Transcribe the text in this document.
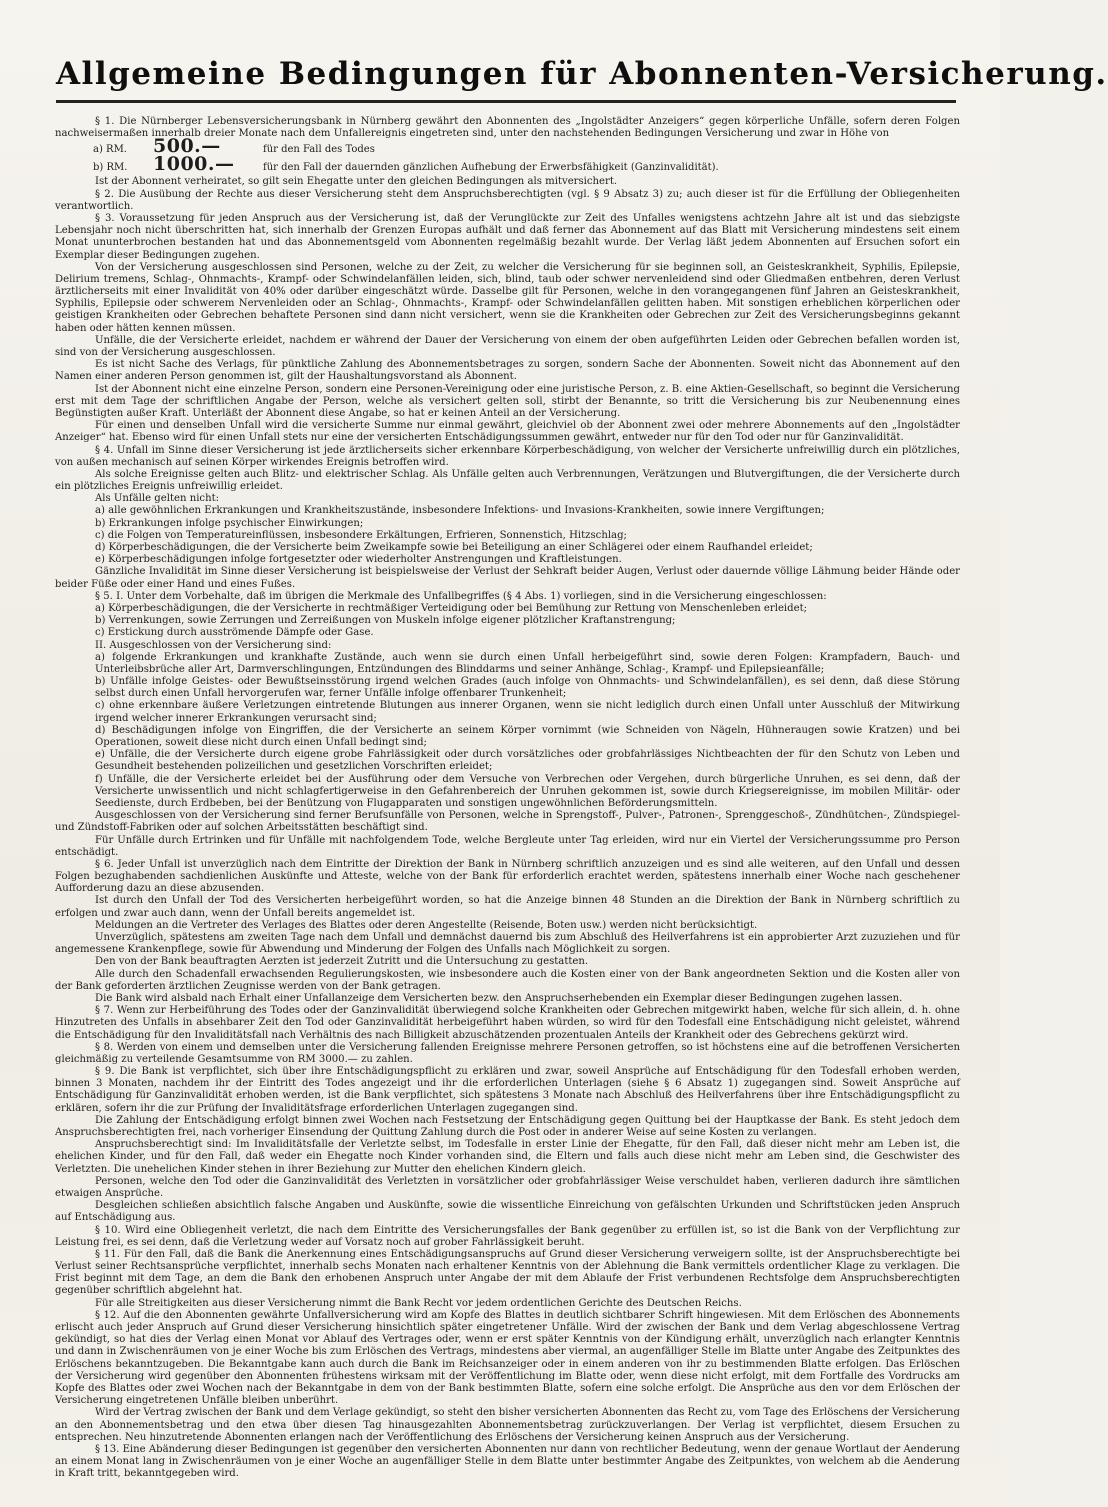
Allgemeine Bedingungen für Abonnenten-Versicherung.

§ 1. Die Nürnberger Lebensversicherungsbank in Nürnberg gewährt den Abonnenten des „Ingolstädter Anzeigers“ gegen körperliche Unfälle, sofern deren Folgen nachweisermaßen innerhalb dreier Monate nach dem Unfallereignis eingetreten sind, unter den nachstehenden Bedingungen Versicherung und zwar in Höhe von

a) RM.	500.—	für den Fall des Todes
b) RM.	1000.—	für den Fall der dauernden gänzlichen Aufhebung der Erwerbsfähigkeit (Ganzinvalidität).

Ist der Abonnent verheiratet, so gilt sein Ehegatte unter den gleichen Bedingungen als mitversichert.

§ 2. Die Ausübung der Rechte aus dieser Versicherung steht dem Anspruchsberechtigten (vgl. § 9 Absatz 3) zu; auch dieser ist für die Erfüllung der Obliegenheiten verantwortlich.

§ 3. Voraussetzung für jeden Anspruch aus der Versicherung ist, daß der Verunglückte zur Zeit des Unfalles wenigstens achtzehn Jahre alt ist und das siebzigste Lebensjahr noch nicht überschritten hat, sich innerhalb der Grenzen Europas aufhält und daß ferner das Abonnement auf das Blatt mit Versicherung mindestens seit einem Monat ununterbrochen bestanden hat und das Abonnementsgeld vom Abonnenten regelmäßig bezahlt wurde. Der Verlag läßt jedem Abonnenten auf Ersuchen sofort ein Exemplar dieser Bedingungen zugehen.

Von der Versicherung ausgeschlossen sind Personen, welche zu der Zeit, zu welcher die Versicherung für sie beginnen soll, an Geisteskrankheit, Syphilis, Epilepsie, Delirium tremens, Schlag-, Ohnmachts-, Krampf- oder Schwindelanfällen leiden, sich, blind, taub oder schwer nervenleidend sind oder Gliedmaßen entbehren, deren Verlust ärztlicherseits mit einer Invalidität von 40% oder darüber eingeschätzt würde. Dasselbe gilt für Personen, welche in den vorangegangenen fünf Jahren an Geisteskrankheit, Syphilis, Epilepsie oder schwerem Nervenleiden oder an Schlag-, Ohnmachts-, Krampf- oder Schwindelanfällen gelitten haben. Mit sonstigen erheblichen körperlichen oder geistigen Krankheiten oder Gebrechen behaftete Personen sind dann nicht versichert, wenn sie die Krankheiten oder Gebrechen zur Zeit des Versicherungsbeginns gekannt haben oder hätten kennen müssen.

Unfälle, die der Versicherte erleidet, nachdem er während der Dauer der Versicherung von einem der oben aufgeführten Leiden oder Gebrechen befallen worden ist, sind von der Versicherung ausgeschlossen.

Es ist nicht Sache des Verlags, für pünktliche Zahlung des Abonnementsbetrages zu sorgen, sondern Sache der Abonnenten. Soweit nicht das Abonnement auf den Namen einer anderen Person genommen ist, gilt der Haushaltungsvorstand als Abonnent.

Ist der Abonnent nicht eine einzelne Person, sondern eine Personen-Vereinigung oder eine juristische Person, z. B. eine Aktien-Gesellschaft, so beginnt die Versicherung erst mit dem Tage der schriftlichen Angabe der Person, welche als versichert gelten soll, stirbt der Benannte, so tritt die Versicherung bis zur Neubenennung eines Begünstigten außer Kraft. Unterläßt der Abonnent diese Angabe, so hat er keinen Anteil an der Versicherung.

Für einen und denselben Unfall wird die versicherte Summe nur einmal gewährt, gleichviel ob der Abonnent zwei oder mehrere Abonnements auf den „Ingolstädter Anzeiger“ hat. Ebenso wird für einen Unfall stets nur eine der versicherten Entschädigungssummen gewährt, entweder nur für den Tod oder nur für Ganzinvalidität.

§ 4. Unfall im Sinne dieser Versicherung ist jede ärztlicherseits sicher erkennbare Körperbeschädigung, von welcher der Versicherte unfreiwillig durch ein plötzliches, von außen mechanisch auf seinen Körper wirkendes Ereignis betroffen wird.

Als solche Ereignisse gelten auch Blitz- und elektrischer Schlag. Als Unfälle gelten auch Verbrennungen, Verätzungen und Blutvergiftungen, die der Versicherte durch ein plötzliches Ereignis unfreiwillig erleidet.

Als Unfälle gelten nicht:

a) alle gewöhnlichen Erkrankungen und Krankheitszustände, insbesondere Infektions- und Invasions-Krankheiten, sowie innere Vergiftungen;
b) Erkrankungen infolge psychischer Einwirkungen;
c) die Folgen von Temperatureinflüssen, insbesondere Erkältungen, Erfrieren, Sonnenstich, Hitzschlag;
d) Körperbeschädigungen, die der Versicherte beim Zweikampfe sowie bei Beteiligung an einer Schlägerei oder einem Raufhandel erleidet;
e) Körperbeschädigungen infolge fortgesetzter oder wiederholter Anstrengungen und Kraftleistungen.

Gänzliche Invalidität im Sinne dieser Versicherung ist beispielsweise der Verlust der Sehkraft beider Augen, Verlust oder dauernde völlige Lähmung beider Hände oder beider Füße oder einer Hand und eines Fußes.

§ 5. I. Unter dem Vorbehalte, daß im übrigen die Merkmale des Unfallbegriffes (§ 4 Abs. 1) vorliegen, sind in die Versicherung eingeschlossen:

a) Körperbeschädigungen, die der Versicherte in rechtmäßiger Verteidigung oder bei Bemühung zur Rettung von Menschenleben erleidet;
b) Verrenkungen, sowie Zerrungen und Zerreißungen von Muskeln infolge eigener plötzlicher Kraftanstrengung;
c) Erstickung durch ausströmende Dämpfe oder Gase.

II. Ausgeschlossen von der Versicherung sind:

a) folgende Erkrankungen und krankhafte Zustände, auch wenn sie durch einen Unfall herbeigeführt sind, sowie deren Folgen: Krampfadern, Bauch- und Unterleibsbrüche aller Art, Darmverschlingungen, Entzündungen des Blinddarms und seiner Anhänge, Schlag-, Krampf- und Epilepsieanfälle;
b) Unfälle infolge Geistes- oder Bewußtseinsstörung irgend welchen Grades (auch infolge von Ohnmachts- und Schwindelanfällen), es sei denn, daß diese Störung selbst durch einen Unfall hervorgerufen war, ferner Unfälle infolge offenbarer Trunkenheit;
c) ohne erkennbare äußere Verletzungen eintretende Blutungen aus innerer Organen, wenn sie nicht lediglich durch einen Unfall unter Ausschluß der Mitwirkung irgend welcher innerer Erkrankungen verursacht sind;
d) Beschädigungen infolge von Eingriffen, die der Versicherte an seinem Körper vornimmt (wie Schneiden von Nägeln, Hühneraugen sowie Kratzen) und bei Operationen, soweit diese nicht durch einen Unfall bedingt sind;
e) Unfälle, die der Versicherte durch eigene grobe Fahrlässigkeit oder durch vorsätzliches oder grobfahrlässiges Nichtbeachten der für den Schutz von Leben und Gesundheit bestehenden polizeilichen und gesetzlichen Vorschriften erleidet;
f) Unfälle, die der Versicherte erleidet bei der Ausführung oder dem Versuche von Verbrechen oder Vergehen, durch bürgerliche Unruhen, es sei denn, daß der Versicherte unwissentlich und nicht schlagfertigerweise in den Gefahrenbereich der Unruhen gekommen ist, sowie durch Kriegsereignisse, im mobilen Militär- oder Seedienste, durch Erdbeben, bei der Benützung von Flugapparaten und sonstigen ungewöhnlichen Beförderungsmitteln.

Ausgeschlossen von der Versicherung sind ferner Berufsunfälle von Personen, welche in Sprengstoff-, Pulver-, Patronen-, Sprenggeschoß-, Zündhütchen-, Zündspiegel- und Zündstoff-Fabriken oder auf solchen Arbeitsstätten beschäftigt sind.

Für Unfälle durch Ertrinken und für Unfälle mit nachfolgendem Tode, welche Bergleute unter Tag erleiden, wird nur ein Viertel der Versicherungssumme pro Person entschädigt.

§ 6. Jeder Unfall ist unverzüglich nach dem Eintritte der Direktion der Bank in Nürnberg schriftlich anzuzeigen und es sind alle weiteren, auf den Unfall und dessen Folgen bezughabenden sachdienlichen Auskünfte und Atteste, welche von der Bank für erforderlich erachtet werden, spätestens innerhalb einer Woche nach geschehener Aufforderung dazu an diese abzusenden.

Ist durch den Unfall der Tod des Versicherten herbeigeführt worden, so hat die Anzeige binnen 48 Stunden an die Direktion der Bank in Nürnberg schriftlich zu erfolgen und zwar auch dann, wenn der Unfall bereits angemeldet ist.

Meldungen an die Vertreter des Verlages des Blattes oder deren Angestellte (Reisende, Boten usw.) werden nicht berücksichtigt.

Unverzüglich, spätestens am zweiten Tage nach dem Unfall und demnächst dauernd bis zum Abschluß des Heilverfahrens ist ein approbierter Arzt zuzuziehen und für angemessene Krankenpflege, sowie für Abwendung und Minderung der Folgen des Unfalls nach Möglichkeit zu sorgen.

Den von der Bank beauftragten Aerzten ist jederzeit Zutritt und die Untersuchung zu gestatten.

Alle durch den Schadenfall erwachsenden Regulierungskosten, wie insbesondere auch die Kosten einer von der Bank angeordneten Sektion und die Kosten aller von der Bank geforderten ärztlichen Zeugnisse werden von der Bank getragen.

Die Bank wird alsbald nach Erhalt einer Unfallanzeige dem Versicherten bezw. den Anspruchserhebenden ein Exemplar dieser Bedingungen zugehen lassen.

§ 7. Wenn zur Herbeiführung des Todes oder der Ganzinvalidität überwiegend solche Krankheiten oder Gebrechen mitgewirkt haben, welche für sich allein, d. h. ohne Hinzutreten des Unfalls in absehbarer Zeit den Tod oder Ganzinvalidität herbeigeführt haben würden, so wird für den Todesfall eine Entschädigung nicht geleistet, während die Entschädigung für den Invaliditätsfall nach Verhältnis des nach Billigkeit abzuschätzenden prozentualen Anteils der Krankheit oder des Gebrechens gekürzt wird.

§ 8. Werden von einem und demselben unter die Versicherung fallenden Ereignisse mehrere Personen getroffen, so ist höchstens eine auf die betroffenen Versicherten gleichmäßig zu verteilende Gesamtsumme von RM 3000.— zu zahlen.

§ 9. Die Bank ist verpflichtet, sich über ihre Entschädigungspflicht zu erklären und zwar, soweil Ansprüche auf Entschädigung für den Todesfall erhoben werden, binnen 3 Monaten, nachdem ihr der Eintritt des Todes angezeigt und ihr die erforderlichen Unterlagen (siehe § 6 Absatz 1) zugegangen sind. Soweit Ansprüche auf Entschädigung für Ganzinvalidität erhoben werden, ist die Bank verpflichtet, sich spätestens 3 Monate nach Abschluß des Heilverfahrens über ihre Entschädigungspflicht zu erklären, sofern ihr die zur Prüfung der Invaliditätsfrage erforderlichen Unterlagen zugegangen sind.

Die Zahlung der Entschädigung erfolgt binnen zwei Wochen nach Festsetzung der Entschädigung gegen Quittung bei der Hauptkasse der Bank. Es steht jedoch dem Anspruchsberechtigten frei, nach vorheriger Einsendung der Quittung Zahlung durch die Post oder in anderer Weise auf seine Kosten zu verlangen.

Anspruchsberechtigt sind: Im Invaliditätsfalle der Verletzte selbst, im Todesfalle in erster Linie der Ehegatte, für den Fall, daß dieser nicht mehr am Leben ist, die ehelichen Kinder, und für den Fall, daß weder ein Ehegatte noch Kinder vorhanden sind, die Eltern und falls auch diese nicht mehr am Leben sind, die Geschwister des Verletzten. Die unehelichen Kinder stehen in ihrer Beziehung zur Mutter den ehelichen Kindern gleich.

Personen, welche den Tod oder die Ganzinvalidität des Verletzten in vorsätzlicher oder grobfahrlässiger Weise verschuldet haben, verlieren dadurch ihre sämtlichen etwaigen Ansprüche.

Desgleichen schließen absichtlich falsche Angaben und Auskünfte, sowie die wissentliche Einreichung von gefälschten Urkunden und Schriftstücken jeden Anspruch auf Entschädigung aus.

§ 10. Wird eine Obliegenheit verletzt, die nach dem Eintritte des Versicherungsfalles der Bank gegenüber zu erfüllen ist, so ist die Bank von der Verpflichtung zur Leistung frei, es sei denn, daß die Verletzung weder auf Vorsatz noch auf grober Fahrlässigkeit beruht.

§ 11. Für den Fall, daß die Bank die Anerkennung eines Entschädigungsanspruchs auf Grund dieser Versicherung verweigern sollte, ist der Anspruchsberechtigte bei Verlust seiner Rechtsansprüche verpflichtet, innerhalb sechs Monaten nach erhaltener Kenntnis von der Ablehnung die Bank vermittels ordentlicher Klage zu verklagen. Die Frist beginnt mit dem Tage, an dem die Bank den erhobenen Anspruch unter Angabe der mit dem Ablaufe der Frist verbundenen Rechtsfolge dem Anspruchsberechtigten gegenüber schriftlich abgelehnt hat.

Für alle Streitigkeiten aus dieser Versicherung nimmt die Bank Recht vor jedem ordentlichen Gerichte des Deutschen Reichs.

§ 12. Auf die den Abonnenten gewährte Unfallversicherung wird am Kopfe des Blattes in deutlich sichtbarer Schrift hingewiesen. Mit dem Erlöschen des Abonnements erlischt auch jeder Anspruch auf Grund dieser Versicherung hinsichtlich später eingetretener Unfälle. Wird der zwischen der Bank und dem Verlag abgeschlossene Vertrag gekündigt, so hat dies der Verlag einen Monat vor Ablauf des Vertrages oder, wenn er erst später Kenntnis von der Kündigung erhält, unverzüglich nach erlangter Kenntnis und dann in Zwischenräumen von je einer Woche bis zum Erlöschen des Vertrags, mindestens aber viermal, an augenfälliger Stelle im Blatte unter Angabe des Zeitpunktes des Erlöschens bekanntzugeben. Die Bekanntgabe kann auch durch die Bank im Reichsanzeiger oder in einem anderen von ihr zu bestimmenden Blatte erfolgen. Das Erlöschen der Versicherung wird gegenüber den Abonnenten frühestens wirksam mit der Veröffentlichung im Blatte oder, wenn diese nicht erfolgt, mit dem Fortfalle des Vordrucks am Kopfe des Blattes oder zwei Wochen nach der Bekanntgabe in dem von der Bank bestimmten Blatte, sofern eine solche erfolgt. Die Ansprüche aus den vor dem Erlöschen der Versicherung eingetretenen Unfälle bleiben unberührt.

Wird der Vertrag zwischen der Bank und dem Verlage gekündigt, so steht den bisher versicherten Abonnenten das Recht zu, vom Tage des Erlöschens der Versicherung an den Abonnementsbetrag und den etwa über diesen Tag hinausgezahlten Abonnementsbetrag zurückzuverlangen. Der Verlag ist verpflichtet, diesem Ersuchen zu entsprechen. Neu hinzutretende Abonnenten erlangen nach der Veröffentlichung des Erlöschens der Versicherung keinen Anspruch aus der Versicherung.

§ 13. Eine Abänderung dieser Bedingungen ist gegenüber den versicherten Abonnenten nur dann von rechtlicher Bedeutung, wenn der genaue Wortlaut der Aenderung an einem Monat lang in Zwischenräumen von je einer Woche an augenfälliger Stelle in dem Blatte unter bestimmter Angabe des Zeitpunktes, von welchem ab die Aenderung in Kraft tritt, bekanntgegeben wird.
